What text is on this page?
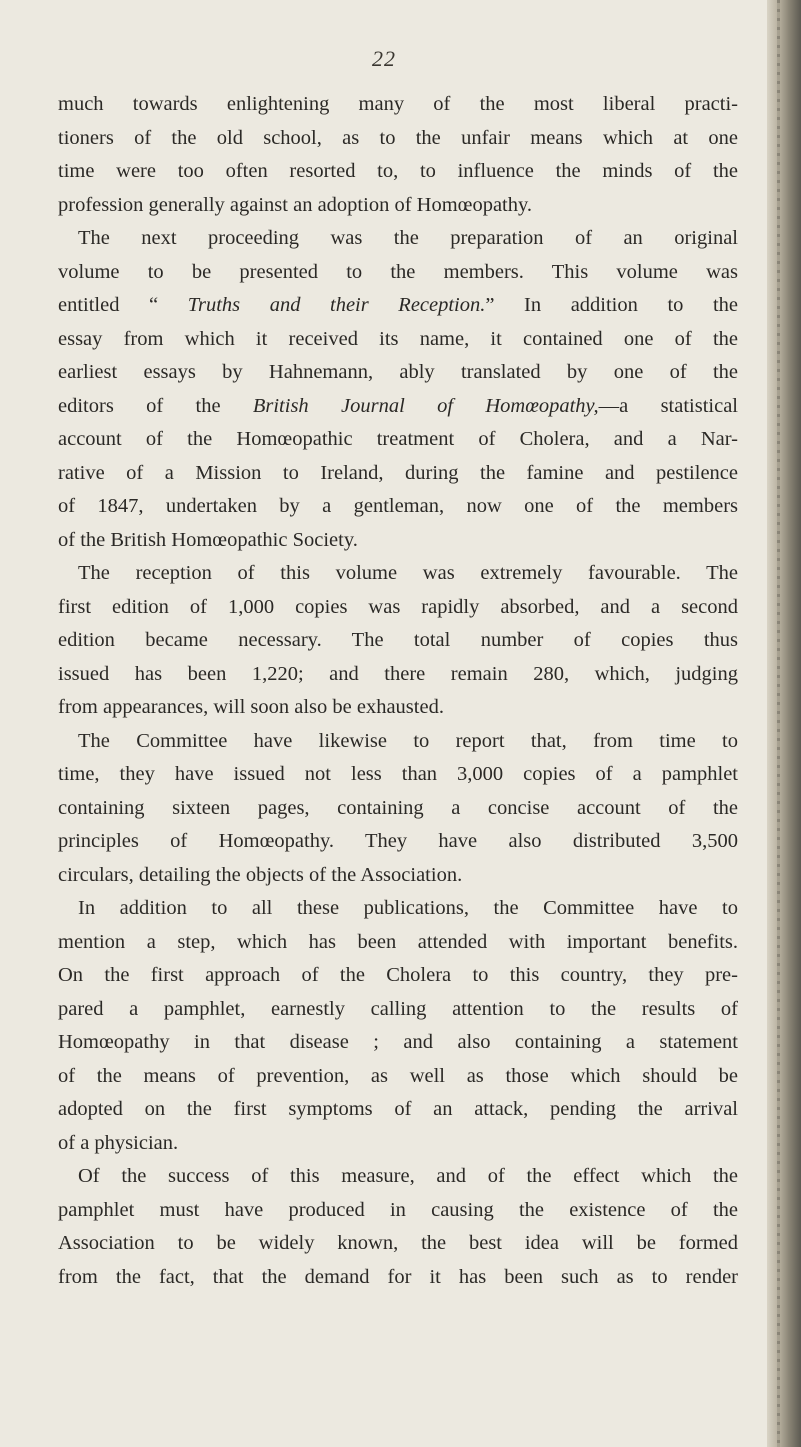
22
much towards enlightening many of the most liberal practi-
tioners of the old school, as to the unfair means which at one
time were too often resorted to, to influence the minds of the
profession generally against an adoption of Homœopathy.
The next proceeding was the preparation of an original
volume to be presented to the members. This volume was
entitled “ Truths and their Reception.” In addition to the
essay from which it received its name, it contained one of the
earliest essays by Hahnemann, ably translated by one of the
editors of the British Journal of Homœopathy,—a statistical
account of the Homœopathic treatment of Cholera, and a Nar-
rative of a Mission to Ireland, during the famine and pestilence
of 1847, undertaken by a gentleman, now one of the members
of the British Homœopathic Society.
The reception of this volume was extremely favourable. The
first edition of 1,000 copies was rapidly absorbed, and a second
edition became necessary. The total number of copies thus
issued has been 1,220; and there remain 280, which, judging
from appearances, will soon also be exhausted.
The Committee have likewise to report that, from time to
time, they have issued not less than 3,000 copies of a pamphlet
containing sixteen pages, containing a concise account of the
principles of Homœopathy. They have also distributed 3,500
circulars, detailing the objects of the Association.
In addition to all these publications, the Committee have to
mention a step, which has been attended with important benefits.
On the first approach of the Cholera to this country, they pre-
pared a pamphlet, earnestly calling attention to the results of
Homœopathy in that disease ; and also containing a statement
of the means of prevention, as well as those which should be
adopted on the first symptoms of an attack, pending the arrival
of a physician.
Of the success of this measure, and of the effect which the
pamphlet must have produced in causing the existence of the
Association to be widely known, the best idea will be formed
from the fact, that the demand for it has been such as to render
